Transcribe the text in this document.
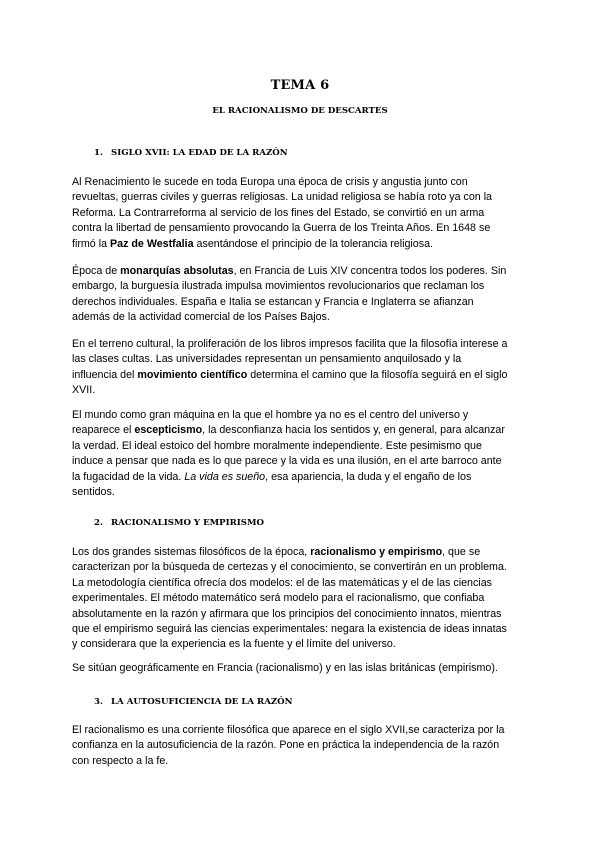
TEMA 6
EL RACIONALISMO DE DESCARTES
1. SIGLO XVII: LA EDAD DE LA RAZÓN
Al Renacimiento le sucede en toda Europa una época de crisis y angustia junto con
revueltas, guerras civiles y guerras religiosas. La unidad religiosa se había roto ya con la
Reforma. La Contrarreforma al servicio de los fines del Estado, se convirtió en un arma
contra la libertad de pensamiento provocando la Guerra de los Treinta Años. En 1648 se
firmó la Paz de Westfalia asentándose el principio de la tolerancia religiosa.
Época de monarquías absolutas, en Francia de Luis XIV concentra todos los poderes. Sin
embargo, la burguesía ilustrada impulsa movimientos revolucionarios que reclaman los
derechos individuales. España e Italia se estancan y Francia e Inglaterra se afianzan
además de la actividad comercial de los Países Bajos.
En el terreno cultural, la proliferación de los libros impresos facilita que la filosofía interese a
las clases cultas. Las universidades representan un pensamiento anquilosado y la
influencia del movimiento científico determina el camino que la filosofía seguirá en el siglo
XVII.
El mundo como gran máquina en la que el hombre ya no es el centro del universo y
reaparece el escepticismo, la desconfianza hacia los sentidos y, en general, para alcanzar
la verdad. El ideal estoico del hombre moralmente independiente. Este pesimismo que
induce a pensar que nada es lo que parece y la vida es una ilusión, en el arte barroco ante
la fugacidad de la vida. La vida es sueño, esa apariencia, la duda y el engaño de los
sentidos.
2. RACIONALISMO Y EMPIRISMO
Los dos grandes sistemas filosóficos de la época, racionalismo y empirismo, que se
caracterizan por la búsqueda de certezas y el conocimiento, se convertirán en un problema.
La metodología científica ofrecía dos modelos: el de las matemáticas y el de las ciencias
experimentales. El método matemático será modelo para el racionalismo, que confiaba
absolutamente en la razón y afirmara que los principios del conocimiento innatos, mientras
que el empirismo seguirá las ciencias experimentales: negara la existencia de ideas innatas
y considerara que la experiencia es la fuente y el límite del universo.
Se sitúan geográficamente en Francia (racionalismo) y en las islas británicas (empirismo).
3. LA AUTOSUFICIENCIA DE LA RAZÓN
El racionalismo es una corriente filosófica que aparece en el siglo XVII,se caracteriza por la
confianza en la autosuficiencia de la razón. Pone en práctica la independencia de la razón
con respecto a la fe.
